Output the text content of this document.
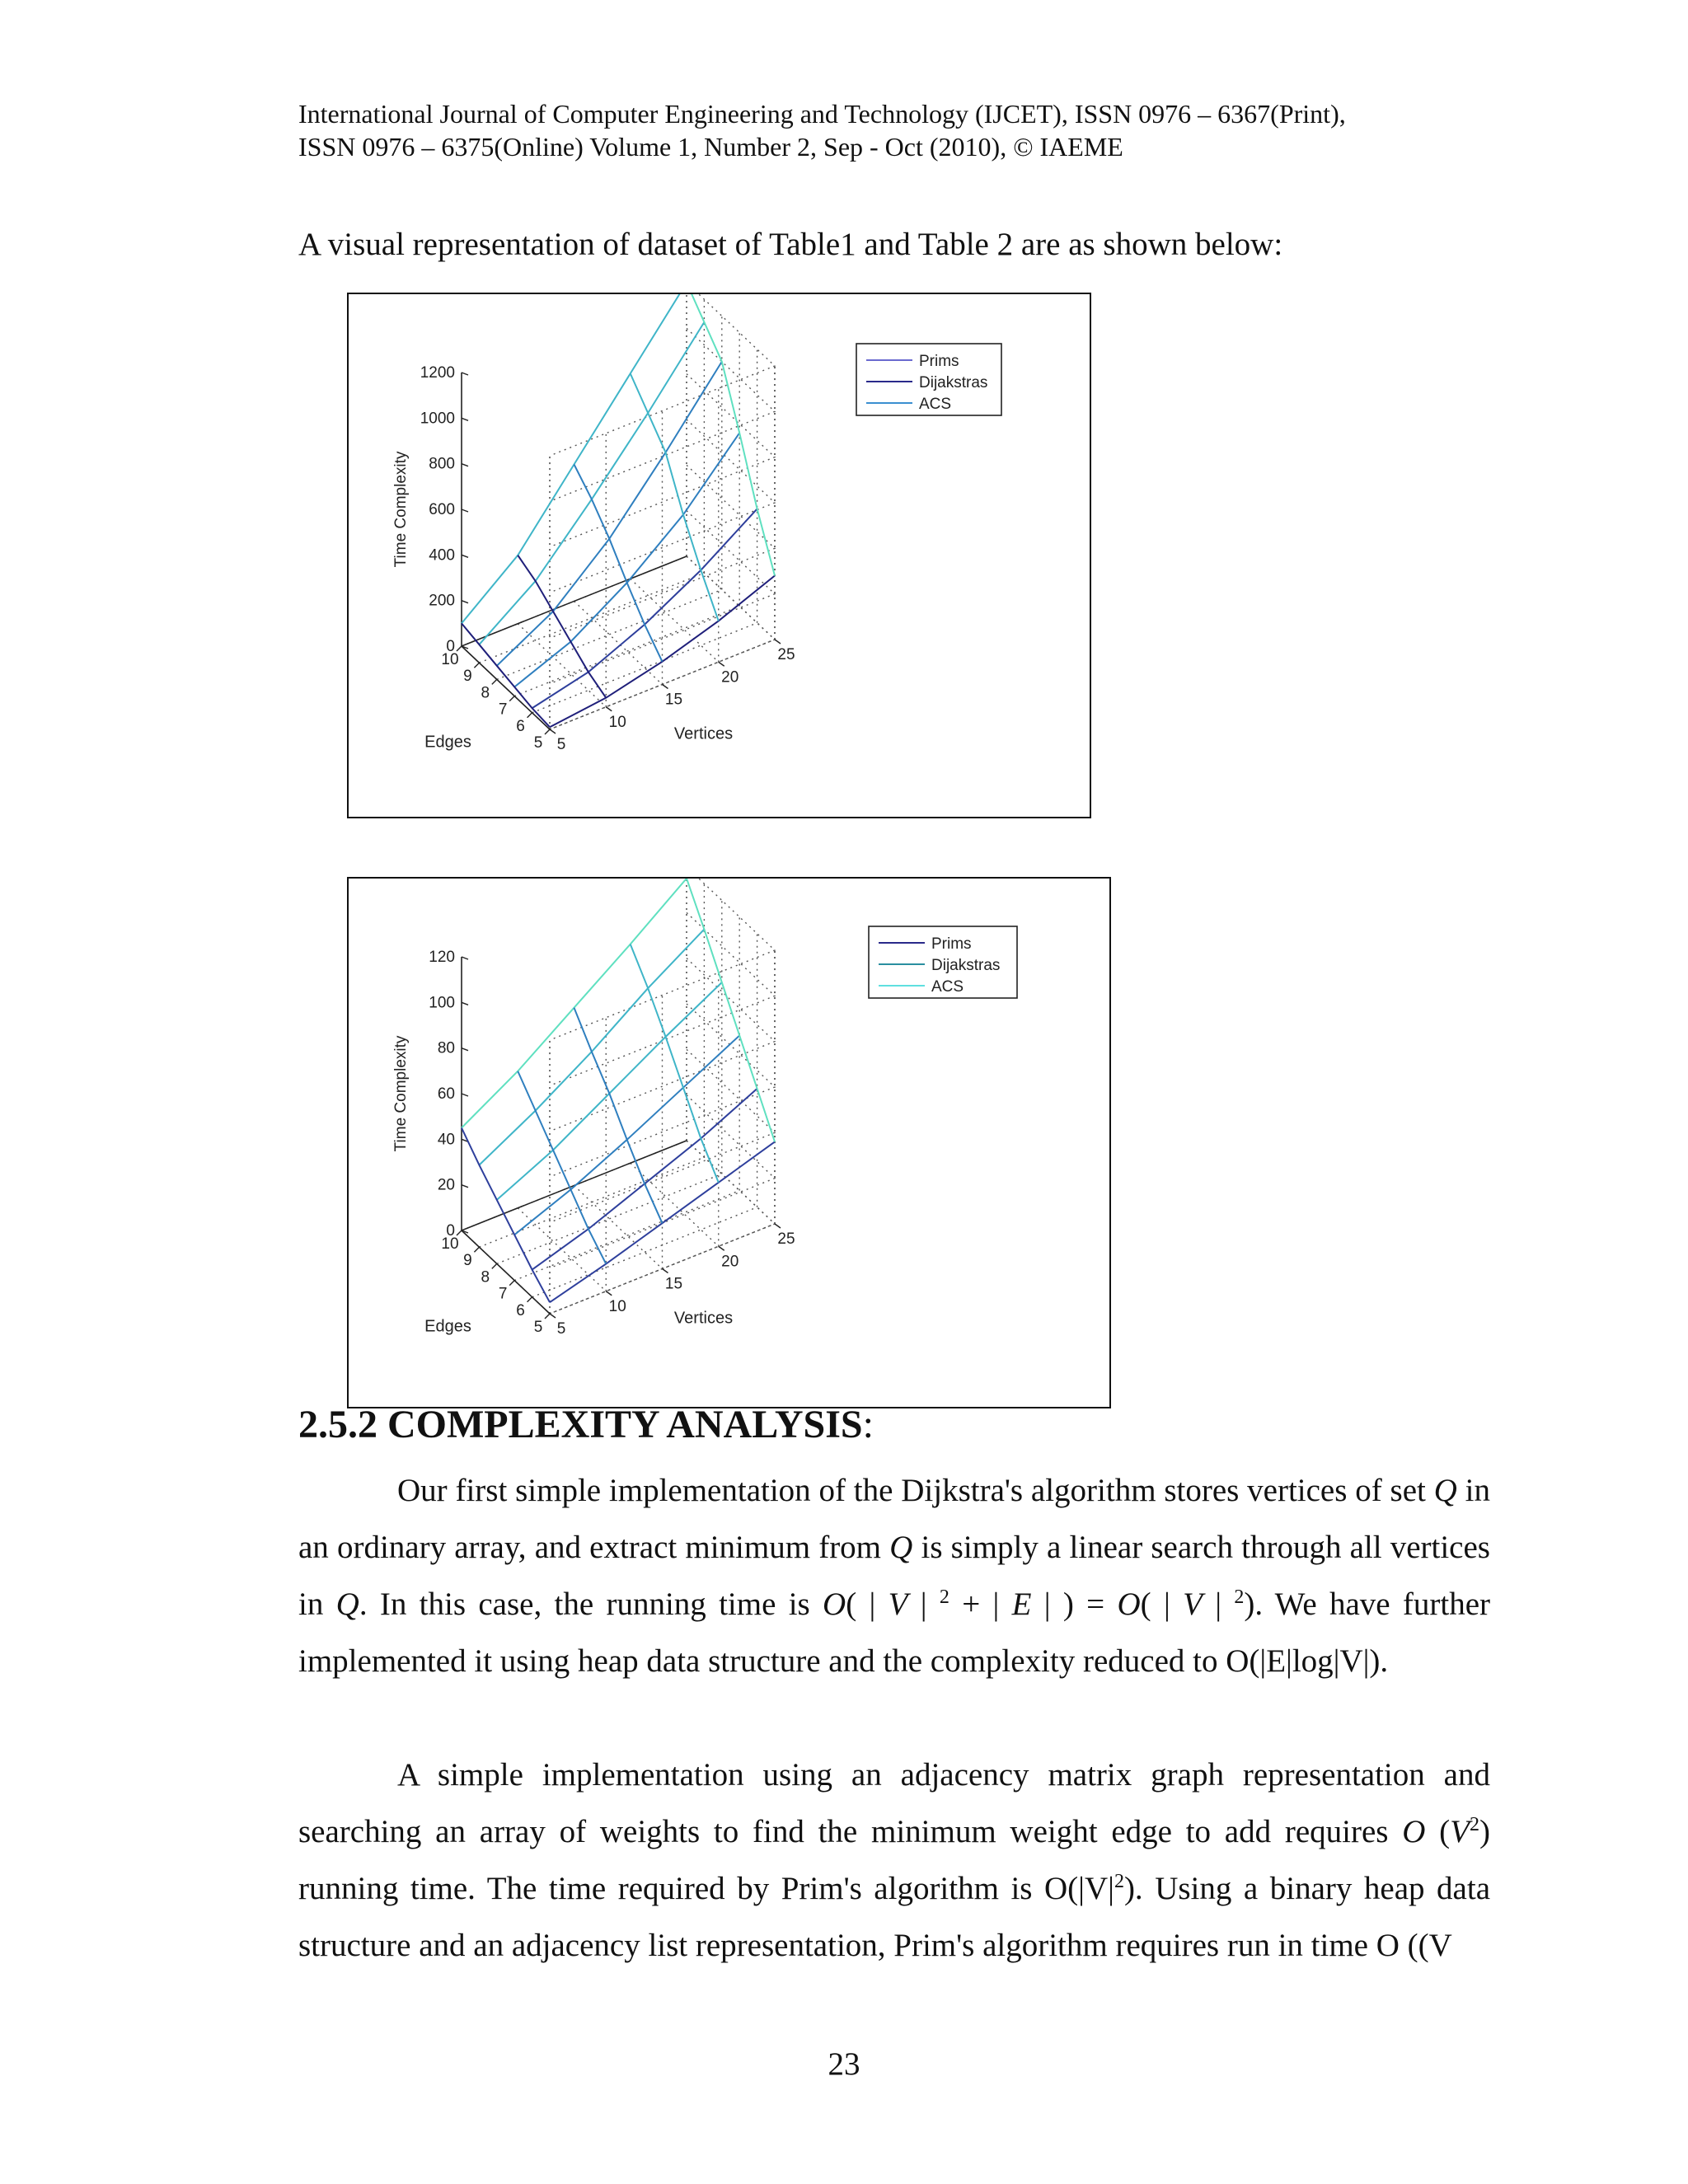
International Journal of Computer Engineering and Technology (IJCET), ISSN 0976 – 6367(Print),
ISSN 0976 – 6375(Online) Volume 1, Number 2, Sep - Oct (2010), © IAEME
A visual representation of dataset of Table1 and Table 2 are as shown below:
0
200
400
600
800
1000
1200
10
9
8
7
6
5 5
10
15
20
25
Edges	Vertices
Time Complexity
Prims
Dijakstras
ACS
0
20
40
60
80
100
120
10
9
8
7
6
5 5
10
15
20
25
Edges	Vertices
Time Complexity
Prims
Dijakstras
ACS
2.5.2 COMPLEXITY ANALYSIS:

Our first simple implementation of the Dijkstra's algorithm stores vertices of set Q in an ordinary array, and extract minimum from Q is simply a linear search through all vertices in Q. In this case, the running time is O( | V | $^2$ + | E | ) = O( | V | $^2$). We have further implemented it using heap data structure and the complexity reduced to O(|E|log|V|).

A simple implementation using an adjacency matrix graph representation and searching an array of weights to find the minimum weight edge to add requires O $(V^2)$ running time. The time required by Prim's algorithm is $O(|V|^2)$. Using a binary heap data structure and an adjacency list representation, Prim's algorithm requires run in time O ((V

23
